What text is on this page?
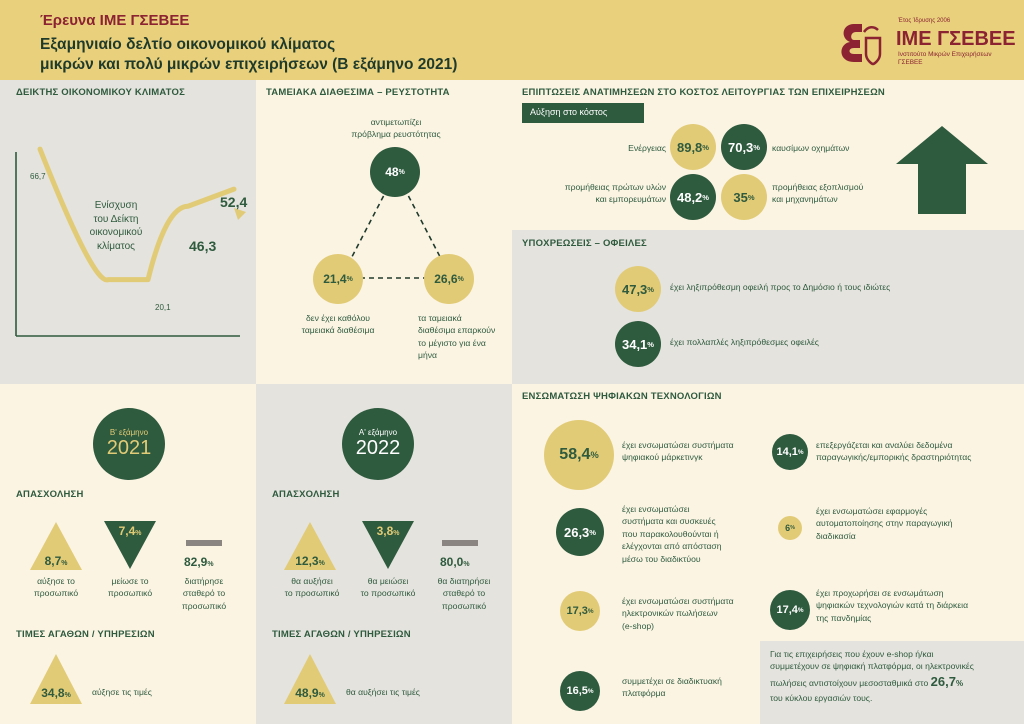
Έρευνα ΙΜΕ ΓΣΕΒΕΕ
Εξαμηνιαίο δελτίο οικονομικού κλίματος
μικρών και πολύ μικρών επιχειρήσεων (Β εξάμηνο 2021)
Έτος Ίδρυσης 2006
ΙΜΕ ΓΣΕΒΕΕ
Ινστιτούτο Μικρών Επιχειρήσεων
ΓΣΕΒΕΕ
ΔΕΙΚΤΗΣ ΟΙΚΟΝΟΜΙΚΟΥ ΚΛΙΜΑΤΟΣ
66,7
20,1
46,3
52,4
Ενίσχυση
του Δείκτη
οικονομικού
κλίματος
ΤΑΜΕΙΑΚΑ ΔΙΑΘΕΣΙΜΑ – ΡΕΥΣΤΟΤΗΤΑ
αντιμετωπίζει
πρόβλημα ρευστότητας
48 %
21,4 %	26,6 %
δεν έχει καθόλου
ταμειακά διαθέσιμα
τα ταμειακά
διαθέσιμα επαρκούν
το μέγιστο για ένα
μήνα
ΕΠΙΠΤΩΣΕΙΣ ΑΝΑΤΙΜΗΣΕΩΝ ΣΤΟ ΚΟΣΤΟΣ ΛΕΙΤΟΥΡΓΙΑΣ ΤΩΝ ΕΠΙΧΕΙΡΗΣΕΩΝ
Αύξηση στο κόστος
Ενέργειας 89,8 % 70,3 % καυσίμων οχημάτων
προμήθειας πρώτων υλών
και εμπορευμάτων 48,2 % 35 %
προμήθειας εξοπλισμού
και μηχανημάτων
ΥΠΟΧΡΕΩΣΕΙΣ – ΟΦΕΙΛΕΣ
47,3 % έχει ληξιπρόθεσμη οφειλή προς το Δημόσιο ή τους ιδιώτες
34,1 % έχει πολλαπλές ληξιπρόθεσμες οφειλές
Β' εξάμηνο
2021
ΑΠΑΣΧΟΛΗΣΗ
8,7%
αύξησε το
προσωπικό
7,4%
μείωσε το
προσωπικό
82,9%
διατήρησε
σταθερό το
προσωπικό
ΤΙΜΕΣ ΑΓΑΘΩΝ / ΥΠΗΡΕΣΙΩΝ
34,8%	αύξησε τις τιμές
Α' εξάμηνο
2022
ΑΠΑΣΧΟΛΗΣΗ
12,3%
θα αυξήσει
το προσωπικό
3,8%
θα μειώσει
το προσωπικό
80,0%
θα διατηρήσει
σταθερό το
προσωπικό
ΤΙΜΕΣ ΑΓΑΘΩΝ / ΥΠΗΡΕΣΙΩΝ
48,9%	θα αυξήσει τις τιμές
ΕΝΣΩΜΑΤΩΣΗ ΨΗΦΙΑΚΩΝ ΤΕΧΝΟΛΟΓΙΩΝ
58,4 %
έχει ενσωματώσει συστήματα
ψηφιακού μάρκετινγκ	14,1 %
επεξεργάζεται και αναλύει δεδομένα
παραγωγικής/εμπορικής δραστηριότητας
26,3 %
έχει ενσωματώσει
συστήματα και συσκευές
που παρακολουθούνται ή
ελέγχονται από απόσταση
μέσω του διαδικτύου
6 %
έχει ενσωματώσει εφαρμογές
αυτοματοποίησης στην παραγωγική
διαδικασία
17,3 %
έχει ενσωματώσει συστήματα
ηλεκτρονικών πωλήσεων
(e-shop)
17,4 %
έχει προχωρήσει σε ενσωμάτωση
ψηφιακών τεχνολογιών κατά τη διάρκεια
της πανδημίας
16,5 %
συμμετέχει σε διαδικτυακή
πλατφόρμα
Για τις επιχειρήσεις που έχουν e-shop ή/και
συμμετέχουν σε ψηφιακή πλατφόρμα, οι ηλεκτρονικές
πωλήσεις αντιστοίχουν μεσοσταθμικά στο 26,7%
του κύκλου εργασιών τους.
